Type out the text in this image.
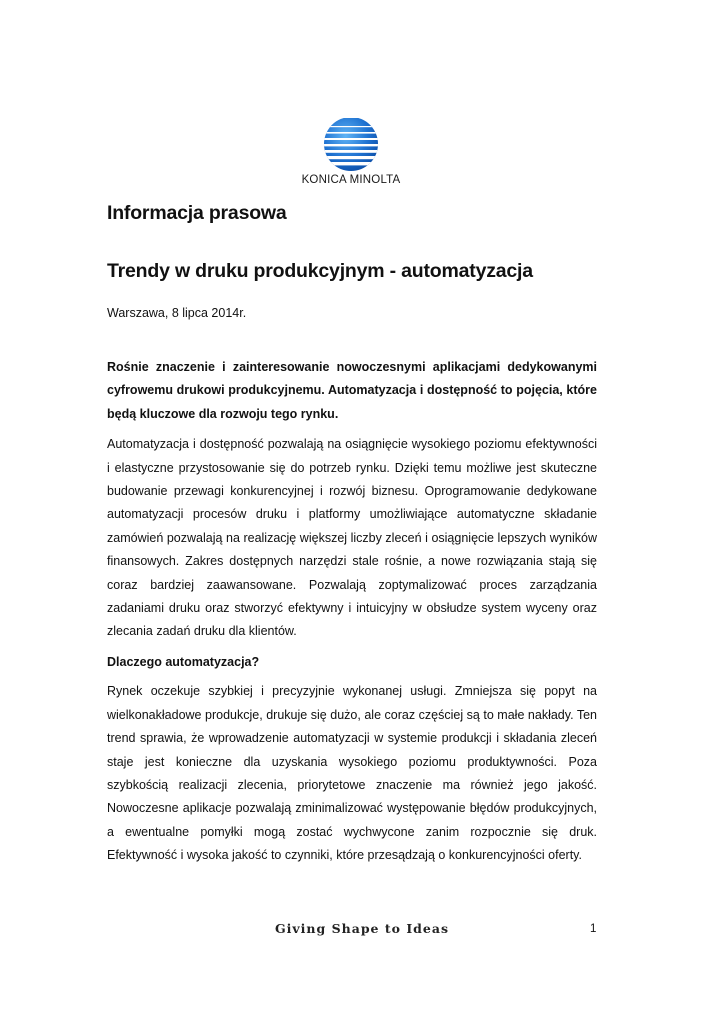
KONICA MINOLTA
Informacja prasowa
Trendy w druku produkcyjnym - automatyzacja

Warszawa, 8 lipca 2014r.

Rośnie znaczenie i zainteresowanie nowoczesnymi aplikacjami dedykowanymi cyfrowemu drukowi produkcyjnemu. Automatyzacja i dostępność to pojęcia, które będą kluczowe dla rozwoju tego rynku.

Automatyzacja i dostępność pozwalają na osiągnięcie wysokiego poziomu efektywności i elastyczne przystosowanie się do potrzeb rynku. Dzięki temu możliwe jest skuteczne budowanie przewagi konkurencyjnej i rozwój biznesu. Oprogramowanie dedykowane automatyzacji procesów druku i platformy umożliwiające automatyczne składanie zamówień pozwalają na realizację większej liczby zleceń i osiągnięcie lepszych wyników finansowych. Zakres dostępnych narzędzi stale rośnie, a nowe rozwiązania stają się coraz bardziej zaawansowane. Pozwalają zoptymalizować proces zarządzania zadaniami druku oraz stworzyć efektywny i intuicyjny w obsłudze system wyceny oraz zlecania zadań druku dla klientów.

Dlaczego automatyzacja?

Rynek oczekuje szybkiej i precyzyjnie wykonanej usługi. Zmniejsza się popyt na wielkonakładowe produkcje, drukuje się dużo, ale coraz częściej są to małe nakłady. Ten trend sprawia, że wprowadzenie automatyzacji w systemie produkcji i składania zleceń staje jest konieczne dla uzyskania wysokiego poziomu produktywności. Poza szybkością realizacji zlecenia, priorytetowe znaczenie ma również jego jakość. Nowoczesne aplikacje pozwalają zminimalizować występowanie błędów produkcyjnych, a ewentualne pomyłki mogą zostać wychwycone zanim rozpocznie się druk. Efektywność i wysoka jakość to czynniki, które przesądzają o konkurencyjności oferty.

Giving Shape to Ideas	1
